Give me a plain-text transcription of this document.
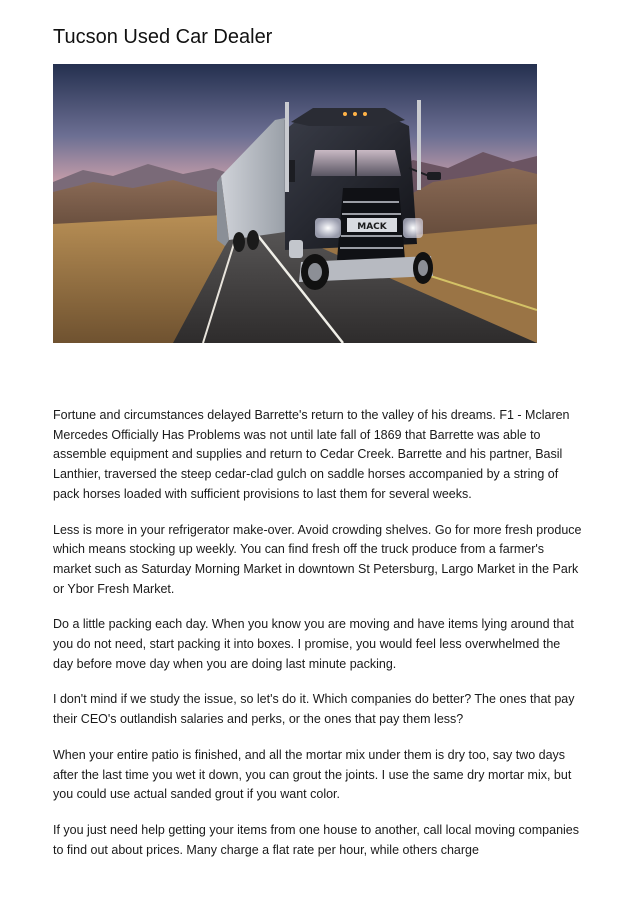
Tucson Used Car Dealer
MACK

Fortune and circumstances delayed Barrette's return to the valley of his dreams. F1 - Mclaren Mercedes Officially Has Problems was not until late fall of 1869 that Barrette was able to assemble equipment and supplies and return to Cedar Creek. Barrette and his partner, Basil Lanthier, traversed the steep cedar-clad gulch on saddle horses accompanied by a string of pack horses loaded with sufficient provisions to last them for several weeks.

Less is more in your refrigerator make-over. Avoid crowding shelves. Go for more fresh produce which means stocking up weekly. You can find fresh off the truck produce from a farmer's market such as Saturday Morning Market in downtown St Petersburg, Largo Market in the Park or Ybor Fresh Market.

Do a little packing each day. When you know you are moving and have items lying around that you do not need, start packing it into boxes. I promise, you would feel less overwhelmed the day before move day when you are doing last minute packing.

I don't mind if we study the issue, so let's do it. Which companies do better? The ones that pay their CEO's outlandish salaries and perks, or the ones that pay them less?

When your entire patio is finished, and all the mortar mix under them is dry too, say two days after the last time you wet it down, you can grout the joints. I use the same dry mortar mix, but you could use actual sanded grout if you want color.

If you just need help getting your items from one house to another, call local moving companies to find out about prices. Many charge a flat rate per hour, while others charge
